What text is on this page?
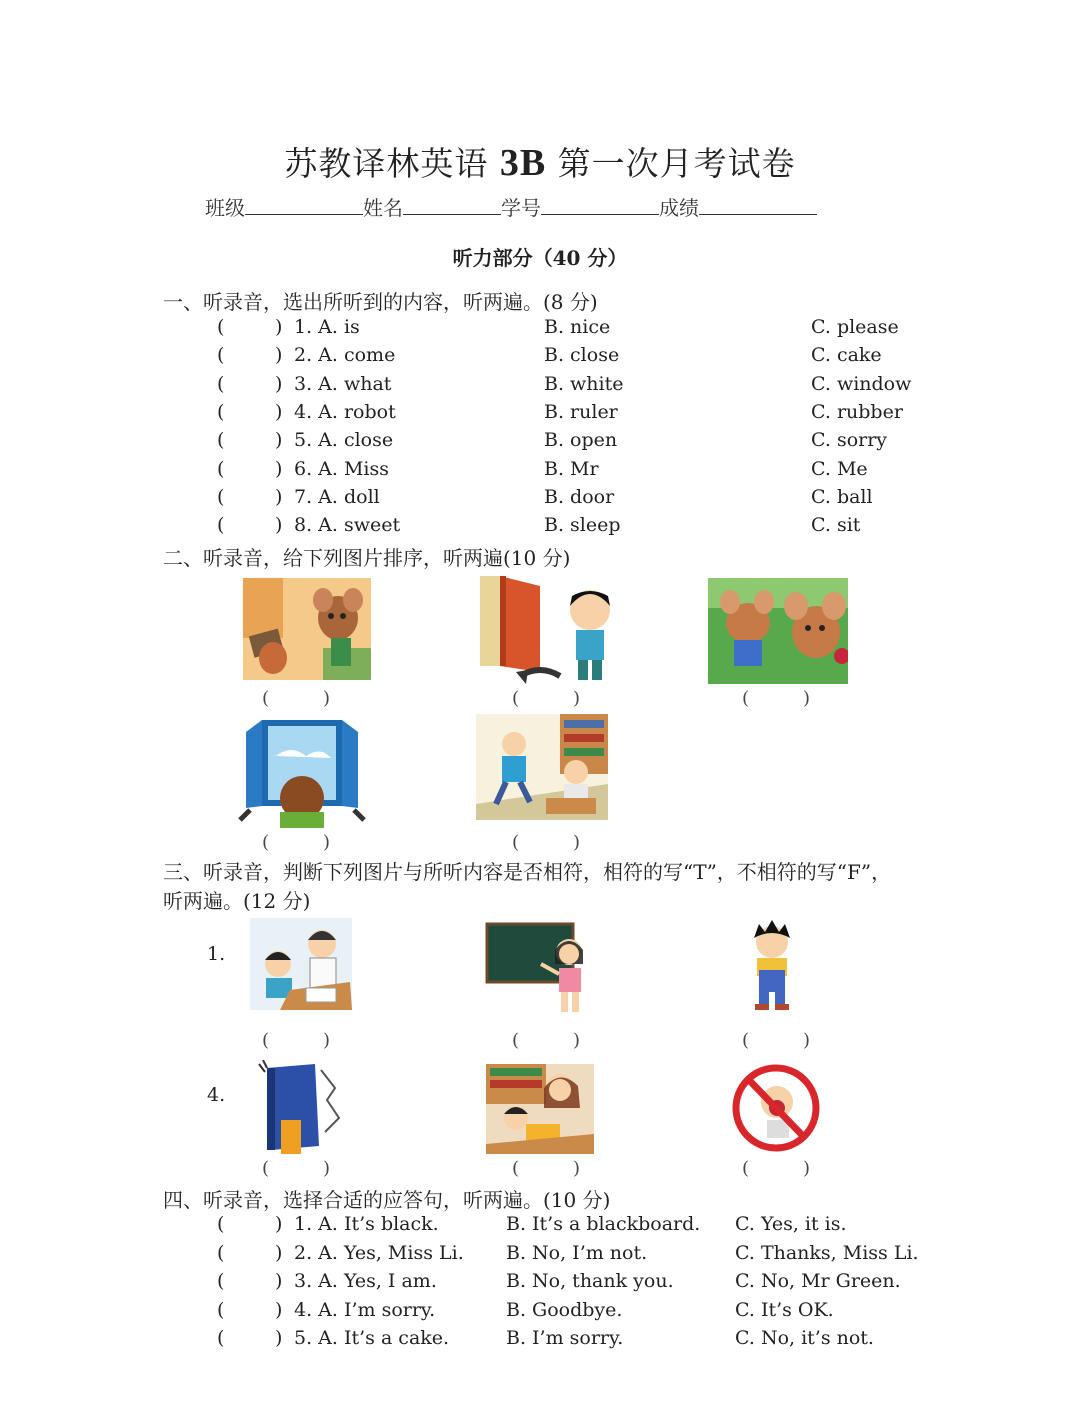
苏教译林英语 3B 第一次月考试卷
班级	姓名	学号	成绩
听力部分（40 分）
一、听录音，选出所听到的内容，听两遍。(8 分)
(	) 1. A. is	B. nice	C. please
(	) 2. A. come	B. close	C. cake
(	) 3. A. what	B. white	C. window
(	) 4. A. robot	B. ruler	C. rubber
(	) 5. A. close	B. open	C. sorry
(	) 6. A. Miss	B. Mr	C. Me
(	) 7. A. doll	B. door	C. ball
(	) 8. A. sweet	B. sleep	C. sit
二、听录音，给下列图片排序，听两遍(10 分)
三、听录音，判断下列图片与所听内容是否相符，相符的写“T”，不相符的写“F”，
听两遍。(12 分)
1.
4.
(　　　)	(　　　)	(　　　)
(　　　)	(　　　)
(　　　)	(　　　)	(　　　)
(　　　)	(　　　)	(　　　)
四、听录音，选择合适的应答句，听两遍。(10 分)
(	) 1. A. It’s black.	B. It’s a blackboard. C. Yes, it is.
(	) 2. A. Yes, Miss Li. B. No, I’m not.	C. Thanks, Miss Li.
(	) 3. A. Yes, I am.	B. No, thank you.	C. No, Mr Green.
(	) 4. A. I’m sorry.	B. Goodbye.	C. It’s OK.
(	) 5. A. It’s a cake.	B. I’m sorry.	C. No, it’s not.
